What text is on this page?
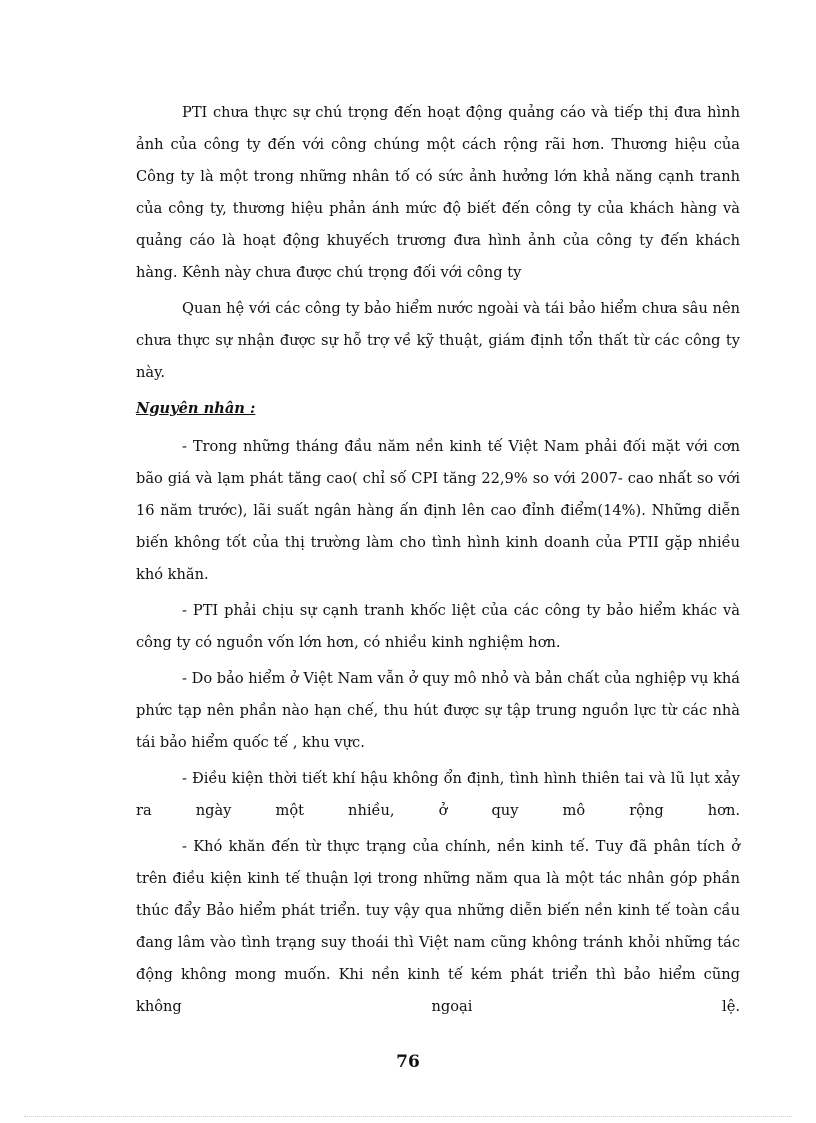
PTI chưa thực sự chú trọng đến hoạt động quảng cáo và tiếp thị đưa hình ảnh của công ty đến với công chúng một cách rộng rãi hơn. Thương hiệu của Công ty là một trong những nhân tố có sức ảnh hưởng lớn khả năng cạnh tranh của công ty, thương hiệu phản ánh mức độ biết đến công ty của khách hàng và quảng cáo là hoạt động khuyếch trương đưa hình ảnh của công ty đến khách hàng. Kênh này chưa được chú trọng đối với công ty

Quan hệ với các công ty bảo hiểm nước ngoài và tái bảo hiểm chưa sâu nên chưa thực sự nhận được sự hỗ trợ về kỹ thuật, giám định tổn thất từ các công ty này.

Nguyên nhân :

- Trong những tháng đầu năm nền kinh tế Việt Nam phải đối mặt với cơn bão giá và lạm phát tăng cao( chỉ số CPI tăng 22,9% so với 2007- cao nhất so với 16 năm trước), lãi suất ngân hàng ấn định lên cao đỉnh điểm(14%). Những diễn biến không tốt của thị trường làm cho tình hình kinh doanh của PTII gặp nhiều khó khăn.

- PTI phải chịu sự cạnh tranh khốc liệt của các công ty bảo hiểm khác và công ty có nguồn vốn lớn hơn, có nhiều kinh nghiệm hơn.

- Do bảo hiểm ở Việt Nam vẫn ở quy mô nhỏ và bản chất của nghiệp vụ khá phức tạp nên phần nào hạn chế, thu hút được sự tập trung nguồn lực từ các nhà tái bảo hiểm quốc tế , khu vực.

- Điều kiện thời tiết khí hậu không ổn định, tình hình thiên tai và lũ lụt xảy ra ngày một nhiều, ở quy mô rộng hơn.

- Khó khăn đến từ thực trạng của chính, nền kinh tế. Tuy đã phân tích ở trên điều kiện kinh tế thuận lợi trong những năm qua là một tác nhân góp phần thúc đẩy Bảo hiểm phát triển. tuy vậy qua những diễn biến nền kinh tế toàn cầu đang lâm vào tình trạng suy thoái thì Việt nam cũng không tránh khỏi những tác động không mong muốn. Khi nền kinh tế kém phát triển thì bảo hiểm cũng không ngoại lệ.

76
